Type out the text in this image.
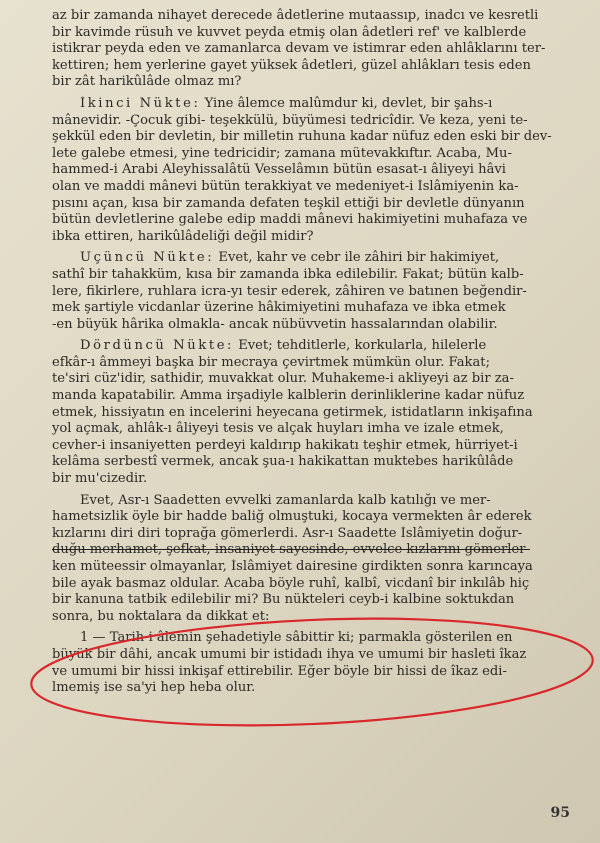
az bir zamanda nihayet derecede âdetlerine mutaassıp, inadcı ve kesretli
bir kavimde rüsuh ve kuvvet peyda etmiş olan âdetleri ref' ve kalblerde
istikrar peyda eden ve zamanlarca devam ve istimrar eden ahlâklarını ter-
kettiren; hem yerlerine gayet yüksek âdetleri, güzel ahlâkları tesis eden
bir zât harikûlâde olmaz mı?

İkinci Nükte: Yine âlemce malûmdur ki, devlet, bir şahs-ı
mânevidir. -Çocuk gibi- teşekkülü, büyümesi tedricîdir. Ve keza, yeni te-
şekkül eden bir devletin, bir milletin ruhuna kadar nüfuz eden eski bir dev-
lete galebe etmesi, yine tedricidir; zamana mütevakkıftır. Acaba, Mu-
hammed-i Arabi Aleyhissalâtü Vesselâmın bütün esasat-ı âliyeyi hâvi
olan ve maddi mânevi bütün terakkiyat ve medeniyet-i İslâmiyenin ka-
pısını açan, kısa bir zamanda defaten teşkil ettiği bir devletle dünyanın
bütün devletlerine galebe edip maddi mânevi hakimiyetini muhafaza ve
ibka ettiren, harikûlâdeliği değil midir?

Üçüncü Nükte: Evet, kahr ve cebr ile zâhiri bir hakimiyet,
sathî bir tahakküm, kısa bir zamanda ibka edilebilir. Fakat; bütün kalb-
lere, fikirlere, ruhlara icra-yı tesir ederek, zâhiren ve batınen beğendir-
mek şartiyle vicdanlar üzerine hâkimiyetini muhafaza ve ibka etmek
-en büyük hârika olmakla- ancak nübüvvetin hassalarından olabilir.

Dördüncü Nükte: Evet; tehditlerle, korkularla, hilelerle
efkâr-ı âmmeyi başka bir mecraya çevirtmek mümkün olur. Fakat;
te'siri cüz'idir, sathidir, muvakkat olur. Muhakeme-i akliyeyi az bir za-
manda kapatabilir. Amma irşadiyle kalblerin derinliklerine kadar nüfuz
etmek, hissiyatın en incelerini heyecana getirmek, istidatların inkişafına
yol açmak, ahlâk-ı âliyeyi tesis ve alçak huyları imha ve izale etmek,
cevher-i insaniyetten perdeyi kaldırıp hakikatı teşhir etmek, hürriyet-i
kelâma serbestî vermek, ancak şua-ı hakikattan muktebes harikûlâde
bir mu'cizedir.

Evet, Asr-ı Saadetten evvelki zamanlarda kalb katılığı ve mer-
hametsizlik öyle bir hadde baliğ olmuştuki, kocaya vermekten âr ederek
kızlarını diri diri toprağa gömerlerdi. Asr-ı Saadette İslâmiyetin doğur-
duğu merhamet, şefkat, insaniyet sayesinde, evvelce kızlarını gömerler-
ken müteessir olmayanlar, İslâmiyet dairesine girdikten sonra karıncaya
bile ayak basmaz oldular. Acaba böyle ruhî, kalbî, vicdanî bir inkılâb hiç
bir kanuna tatbik edilebilir mi? Bu nükteleri ceyb-i kalbine soktukdan
sonra, bu noktalara da dikkat et:

1 — Tarih-i âlemin şehadetiyle sâbittir ki; parmakla gösterilen en
büyük bir dâhi, ancak umumi bir istidadı ihya ve umumi bir hasleti îkaz
ve umumi bir hissi inkişaf ettirebilir. Eğer böyle bir hissi de îkaz edi-
lmemiş ise sa'yi hep heba olur.

95
